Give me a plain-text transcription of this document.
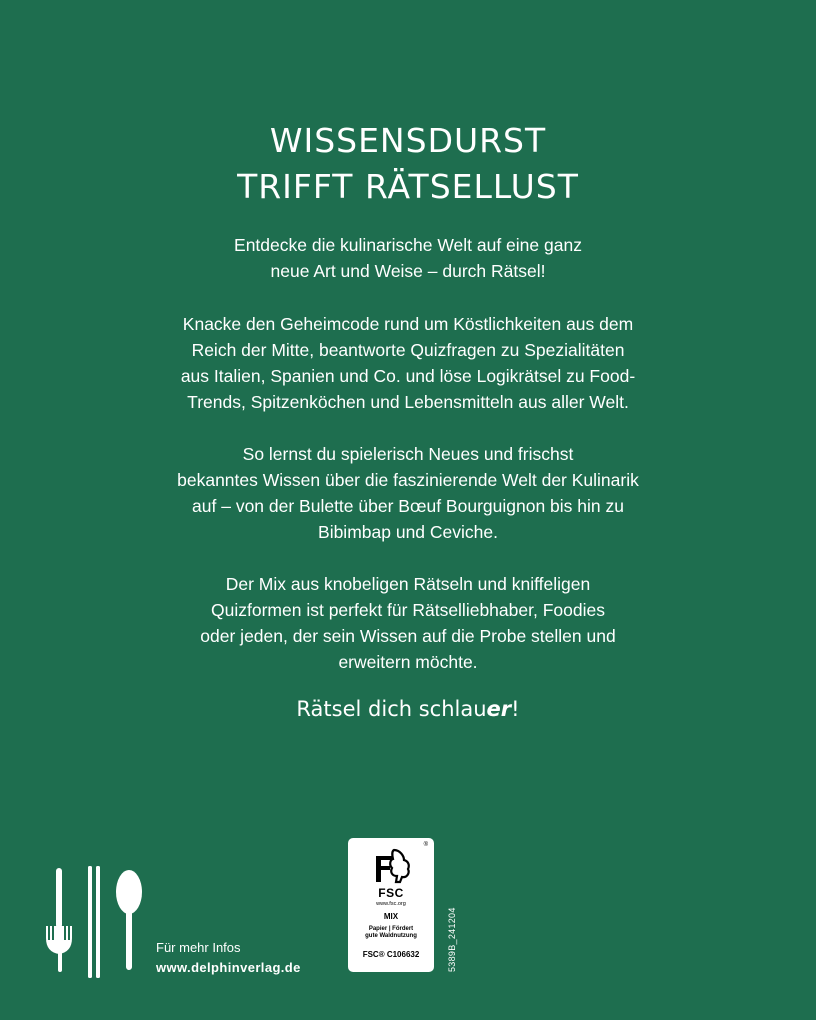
WISSENSDURST
TRIFFT RÄTSELLUST

Entdecke die kulinarische Welt auf eine ganz
neue Art und Weise – durch Rätsel!

Knacke den Geheimcode rund um Köstlichkeiten aus dem
Reich der Mitte, beantworte Quizfragen zu Spezialitäten
aus Italien, Spanien und Co. und löse Logikrätsel zu Food-
Trends, Spitzenköchen und Lebensmitteln aus aller Welt.

So lernst du spielerisch Neues und frischst
bekanntes Wissen über die faszinierende Welt der Kulinarik
auf – von der Bulette über Bœuf Bourguignon bis hin zu
Bibimbap und Ceviche.

Der Mix aus knobeligen Rätseln und kniffeligen
Quizformen ist perfekt für Rätselliebhaber, Foodies
oder jeden, der sein Wissen auf die Probe stellen und
erweitern möchte.

Rätsel dich schlauer!

Für mehr Infos
www.delphinverlag.de
®
FSC
www.fsc.org
MIX
Papier | Fördert
gute Waldnutzung
FSC® C106632	5389B_241204
